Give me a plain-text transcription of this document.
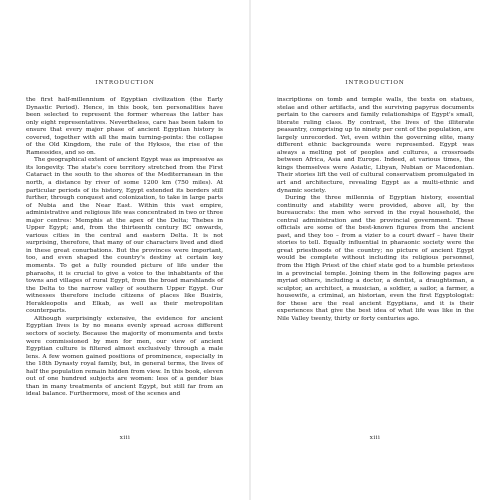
INTRODUCTION

the first half-millennium of Egyptian civilization (the Early Dynastic Period). Hence, in this book, ten personalities have been selected to represent the former whereas the latter has only eight representatives. Nevertheless, care has been taken to ensure that every major phase of ancient Egyptian history is covered, together with all the main turning-points: the collapse of the Old Kingdom, the rule of the Hyksos, the rise of the Ramessides, and so on.

The geographical extent of ancient Egypt was as impressive as its longevity. The state's core territory stretched from the First Cataract in the south to the shores of the Mediterranean in the north, a distance by river of some 1200 km (750 miles). At particular periods of its history, Egypt extended its borders still further, through conquest and colonization, to take in large parts of Nubia and the Near East. Within this vast empire, administrative and religious life was concentrated in two or three major centres: Memphis at the apex of the Delta; Thebes in Upper Egypt; and, from the thirteenth century BC onwards, various cities in the central and eastern Delta. It is not surprising, therefore, that many of our characters lived and died in these great conurbations. But the provinces were important, too, and even shaped the country's destiny at certain key moments. To get a fully rounded picture of life under the pharaohs, it is crucial to give a voice to the inhabitants of the towns and villages of rural Egypt, from the broad marshlands of the Delta to the narrow valley of southern Upper Egypt. Our witnesses therefore include citizens of places like Busiris, Herakleopolis and Elkab, as well as their metropolitan counterparts.

Although surprisingly extensive, the evidence for ancient Egyptian lives is by no means evenly spread across different sectors of society. Because the majority of monuments and texts were commissioned by men for men, our view of ancient Egyptian culture is filtered almost exclusively through a male lens. A few women gained positions of prominence, especially in the 18th Dynasty royal family, but, in general terms, the lives of half the population remain hidden from view. In this book, eleven out of one hundred subjects are women: less of a gender bias than in many treatments of ancient Egypt, but still far from an ideal balance. Furthermore, most of the scenes and

xiii
INTRODUCTION

inscriptions on tomb and temple walls, the texts on statues, stelae and other artifacts, and the surviving papyrus documents pertain to the careers and family relationships of Egypt's small, literate ruling class. By contrast, the lives of the illiterate peasantry, comprising up to ninety per cent of the population, are largely unrecorded. Yet, even within the governing elite, many different ethnic backgrounds were represented. Egypt was always a melting pot of peoples and cultures, a crossroads between Africa, Asia and Europe. Indeed, at various times, the kings themselves were Asiatic, Libyan, Nubian or Macedonian. Their stories lift the veil of cultural conservatism promulgated in art and architecture, revealing Egypt as a multi-ethnic and dynamic society.

During the three millennia of Egyptian history, essential continuity and stability were provided, above all, by the bureaucrats: the men who served in the royal household, the central administration and the provincial government. These officials are some of the best-known figures from the ancient past, and they too – from a vizier to a court dwarf – have their stories to tell. Equally influential in pharaonic society were the great priesthoods of the country; no picture of ancient Egypt would be complete without including its religious personnel, from the High Priest of the chief state god to a humble priestess in a provincial temple. Joining them in the following pages are myriad others, including a doctor, a dentist, a draughtsman, a sculptor, an architect, a musician, a soldier, a sailor, a farmer, a housewife, a criminal, an historian, even the first Egyptologist: for these are the real ancient Egyptians, and it is their experiences that give the best idea of what life was like in the Nile Valley twenty, thirty or forty centuries ago.

xiii
